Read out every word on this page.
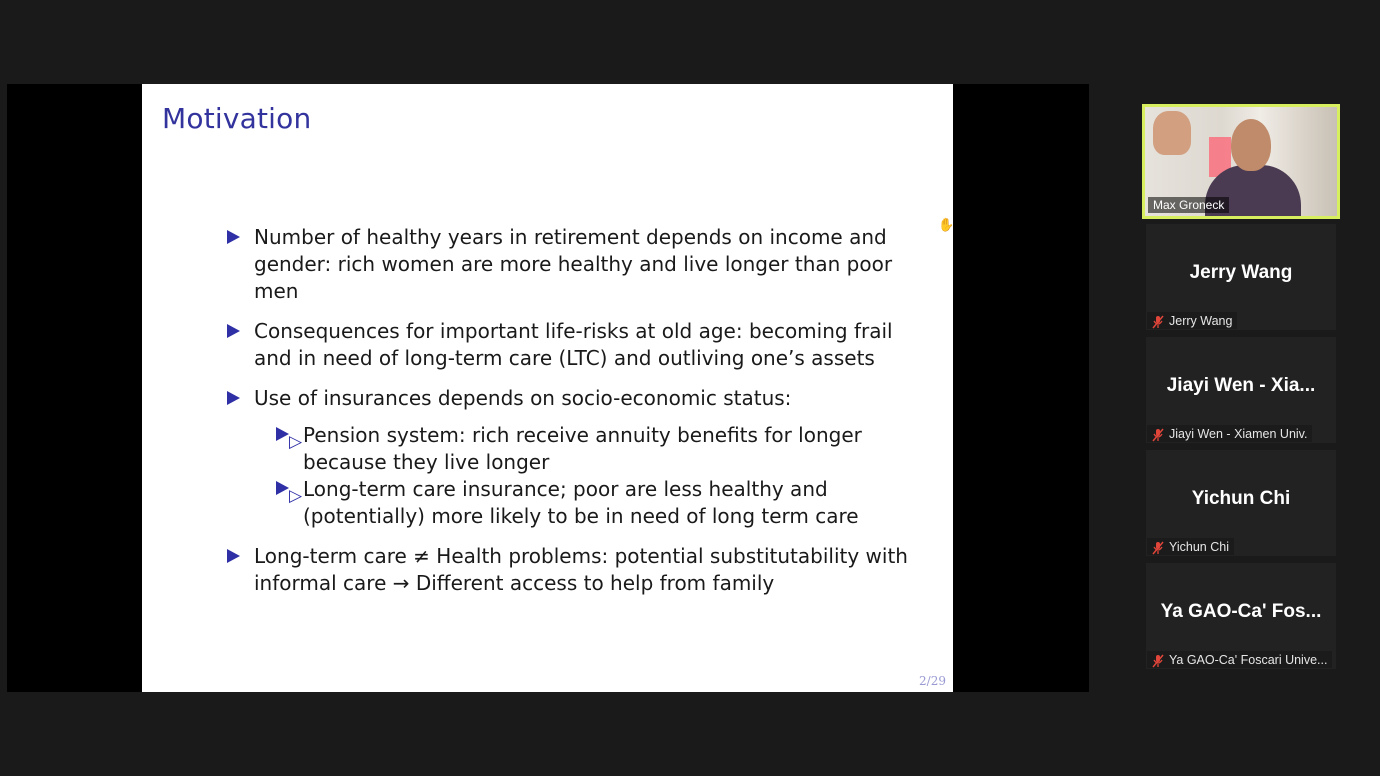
Motivation

Number of healthy years in retirement depends on income and gender: rich women are more healthy and live longer than poor men

Consequences for important life-risks at old age: becoming frail and in need of long-term care (LTC) and outliving one’s assets

Use of insurances depends on socio-economic status:

▷ Pension system: rich receive annuity benefits for longer because they live longer

▷ Long-term care insurance; poor are less healthy and (potentially) more likely to be in need of long term care

Long-term care ≠ Health problems: potential substitutability with informal care → Different access to help from family

✋
2/29
Max Groneck
Jerry Wang
Jerry Wang
Jiayi Wen - Xia...
Jiayi Wen - Xiamen Univ.
Yichun Chi
Yichun Chi
Ya GAO-Ca' Fos...
Ya GAO-Ca' Foscari Unive...
